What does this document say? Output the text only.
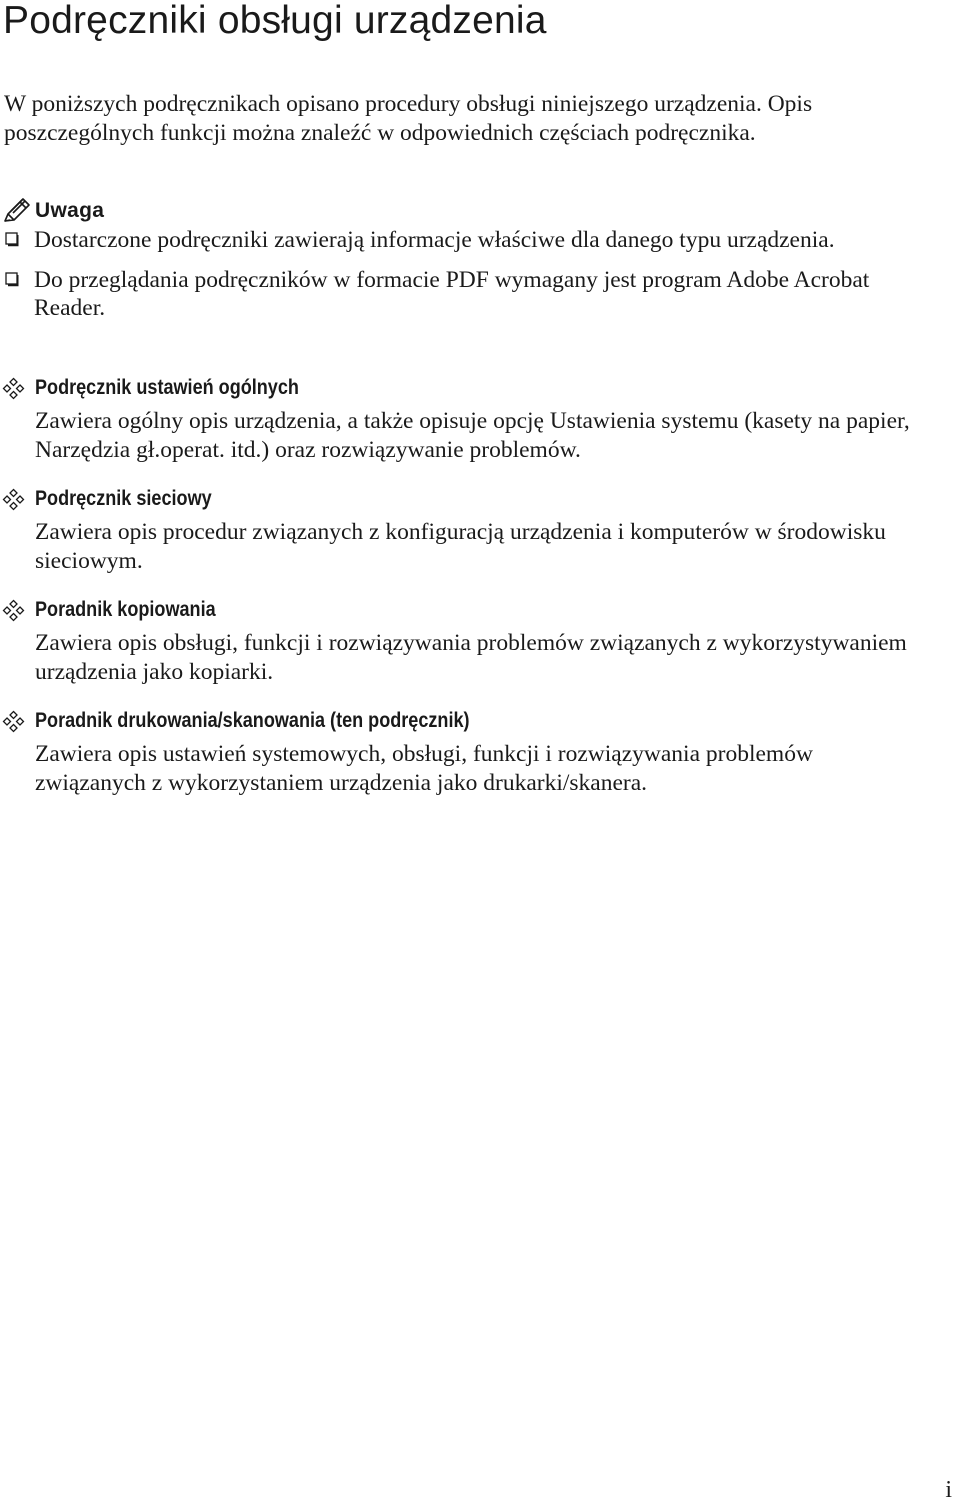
Podręczniki obsługi urządzenia

W poniższych podręcznikach opisano procedury obsługi niniejszego urządzenia. Opis poszczególnych funkcji można znaleźć w odpowiednich częściach podręcznika.

Uwaga
Dostarczone podręczniki zawierają informacje właściwe dla danego typu urządzenia.
Do przeglądania podręczników w formacie PDF wymagany jest program Adobe Acrobat Reader.
Podręcznik ustawień ogólnych

Zawiera ogólny opis urządzenia, a także opisuje opcję Ustawienia systemu (kasety na papier, Narzędzia gł.operat. itd.) oraz rozwiązywanie problemów.

Podręcznik sieciowy

Zawiera opis procedur związanych z konfiguracją urządzenia i komputerów w środowisku sieciowym.

Poradnik kopiowania

Zawiera opis obsługi, funkcji i rozwiązywania problemów związanych z wykorzystywaniem urządzenia jako kopiarki.

Poradnik drukowania/skanowania (ten podręcznik)

Zawiera opis ustawień systemowych, obsługi, funkcji i rozwiązywania problemów związanych z wykorzystaniem urządzenia jako drukarki/skanera.

i
